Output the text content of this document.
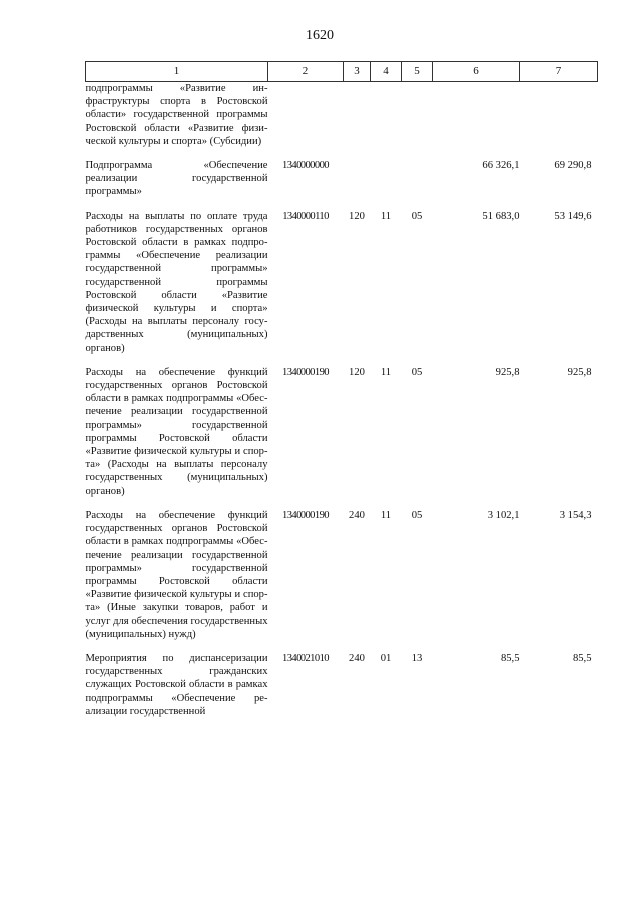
1620
1	2	3	4	5	6	7
подпрограммы «Развитие инфраструктуры спорта в Ростовской области» государственной программы Ростовской области «Развитие физической культуры и спорта» (Субсидии)						

Подпрограмма «Обеспечение реализации государственной программы»	1340000000				66 326,1	69 290,8

Расходы на выплаты по оплате труда работников государственных органов Ростовской области в рамках подпрограммы «Обеспечение реализации государственной программы» государственной программы Ростовской области «Развитие физической культуры и спорта» (Расходы на выплаты персоналу государственных (муниципальных) органов)	1340000110	120	11	05	51 683,0	53 149,6

Расходы на обеспечение функций государственных органов Ростовской области в рамках подпрограммы «Обеспечение реализации государственной программы» государственной программы Ростовской области «Развитие физической культуры и спорта» (Расходы на выплаты персоналу государственных (муниципальных) органов)	1340000190	120	11	05	925,8	925,8

Расходы на обеспечение функций государственных органов Ростовской области в рамках подпрограммы «Обеспечение реализации государственной программы» государственной программы Ростовской области «Развитие физической культуры и спорта» (Иные закупки товаров, работ и услуг для обеспечения государственных (муниципальных) нужд)	1340000190	240	11	05	3 102,1	3 154,3

Мероприятия по диспансеризации государственных гражданских служащих Ростовской области в рамках подпрограммы «Обеспечение реализации государственной	1340021010	240	01	13	85,5	85,5
